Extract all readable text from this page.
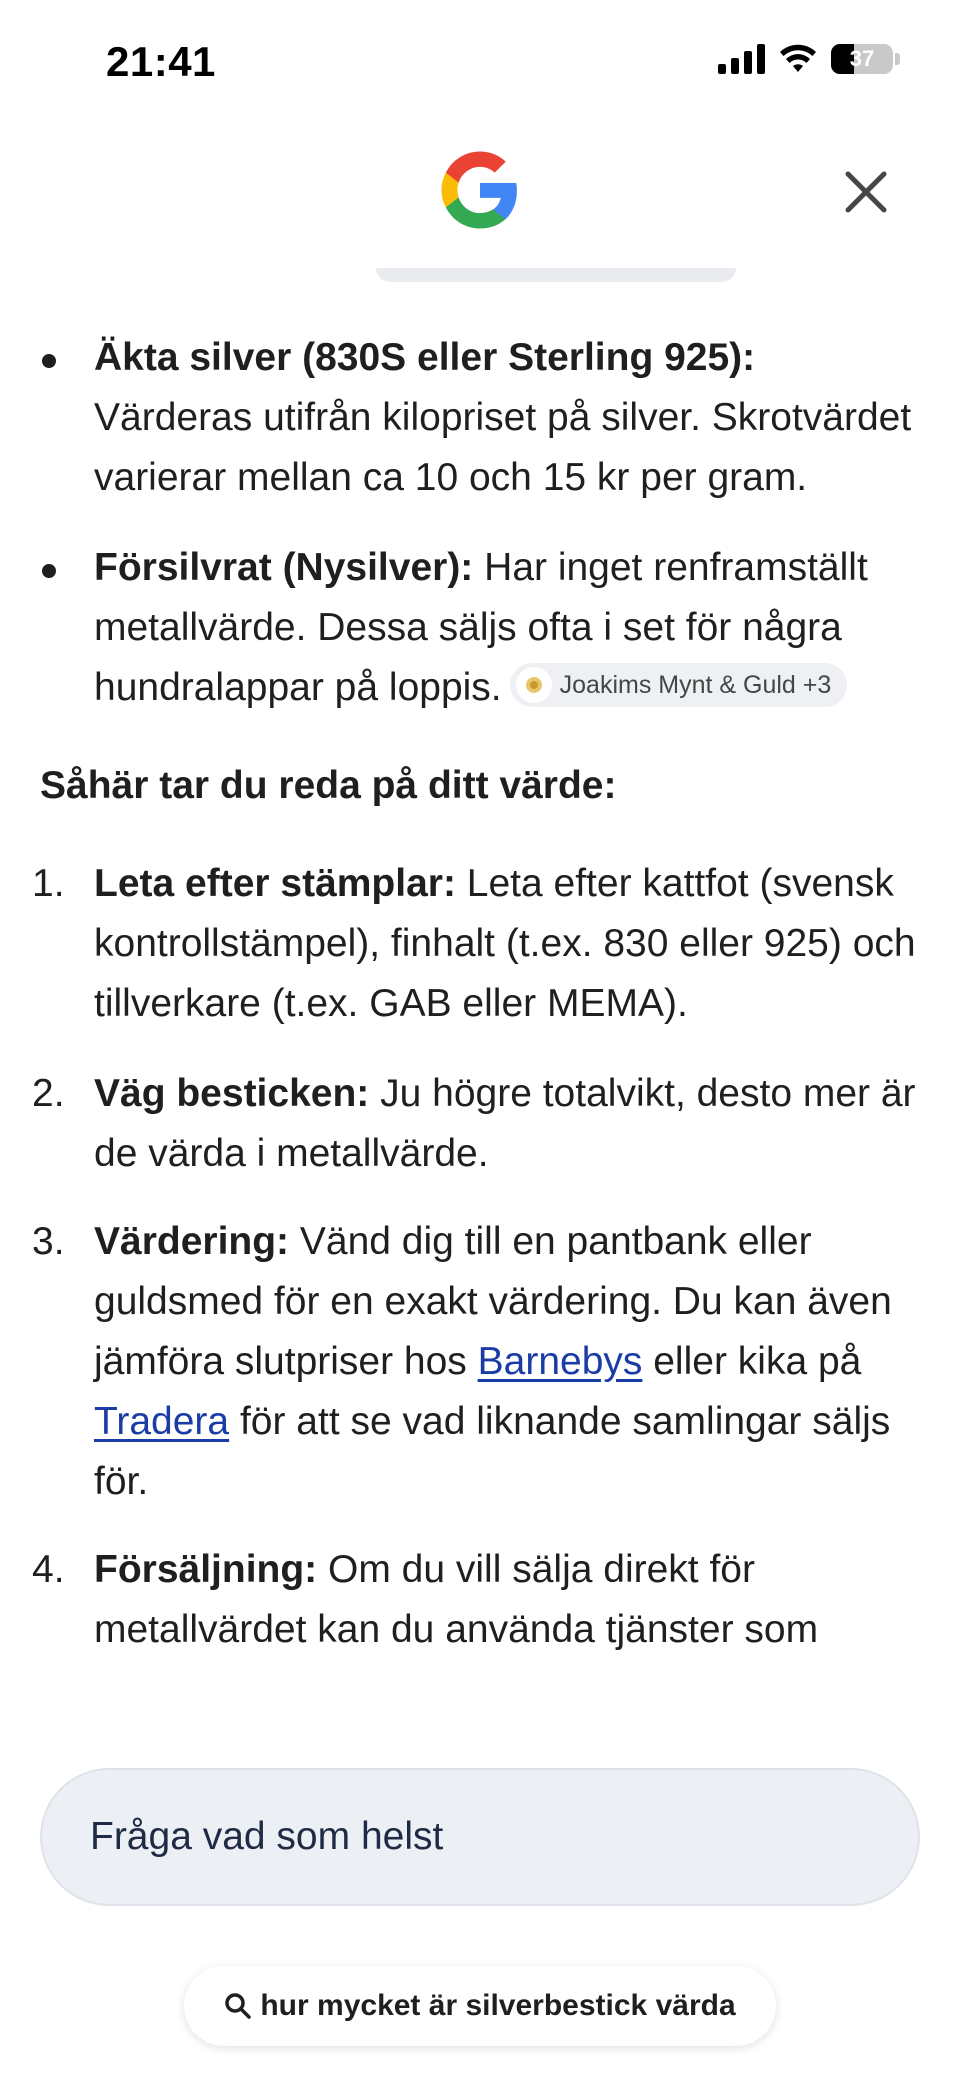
21:41	37
Äkta silver (830S eller Sterling 925): Värderas utifrån kilopriset på silver. Skrotvärdet varierar mellan ca 10 och 15 kr per gram.
Försilvrat (Nysilver): Har inget renframställt metallvärde. Dessa säljs ofta i set för några hundralappar på loppis. Joakims Mynt & Guld +3
Såhär tar du reda på ditt värde:
1. Leta efter stämplar: Leta efter kattfot (svensk kontrollstämpel), finhalt (t.ex. 830 eller 925) och tillverkare (t.ex. GAB eller MEMA).
2. Väg besticken: Ju högre totalvikt, desto mer är de värda i metallvärde.
3. Värdering: Vänd dig till en pantbank eller guldsmed för en exakt värdering. Du kan även jämföra slutpriser hos Barnebys eller kika på Tradera för att se vad liknande samlingar säljs för.
4. Försäljning: Om du vill sälja direkt för metallvärdet kan du använda tjänster som
Fråga vad som helst
hur mycket är silverbestick värda
